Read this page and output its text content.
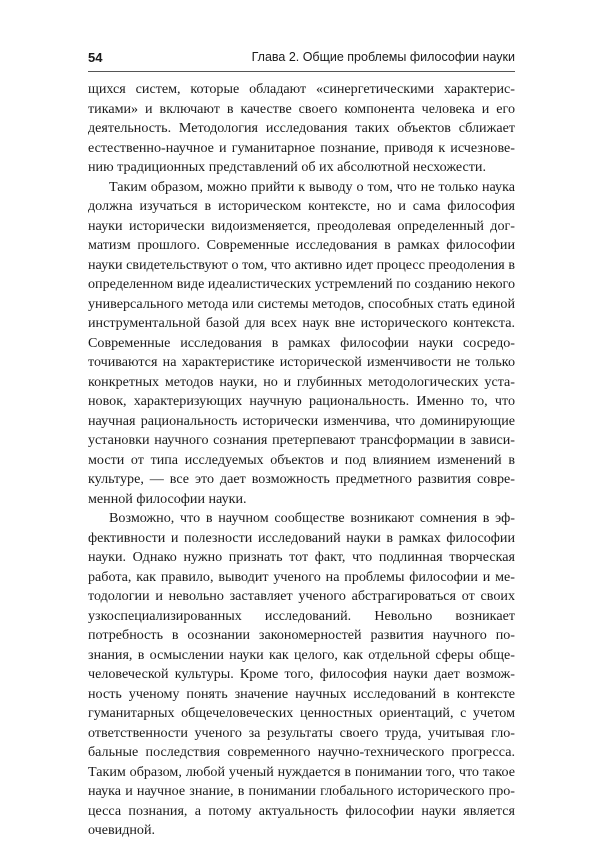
54	Глава 2. Общие проблемы философии науки

щихся систем, которые обладают «синергетическими характеристиками» и включают в качестве своего компонента человека и его деятельность. Методология исследования таких объектов сближает естественно-научное и гуманитарное познание, приводя к исчезновению традиционных представлений об их абсолютной несхожести.

Таким образом, можно прийти к выводу о том, что не только наука должна изучаться в историческом контексте, но и сама философия науки исторически видоизменяется, преодолевая определенный догматизм прошлого. Современные исследования в рамках философии науки свидетельствуют о том, что активно идет процесс преодоления в определенном виде идеалистических устремлений по созданию некого универсального метода или системы методов, способных стать единой инструментальной базой для всех наук вне исторического контекста. Современные исследования в рамках философии науки сосредоточиваются на характеристике исторической изменчивости не только конкретных методов науки, но и глубинных методологических установок, характеризующих научную рациональность. Именно то, что научная рациональность исторически изменчива, что доминирующие установки научного сознания претерпевают трансформации в зависимости от типа исследуемых объектов и под влиянием изменений в культуре, — все это дает возможность предметного развития современной философии науки.

Возможно, что в научном сообществе возникают сомнения в эффективности и полезности исследований науки в рамках философии науки. Однако нужно признать тот факт, что подлинная творческая работа, как правило, выводит ученого на проблемы философии и методологии и невольно заставляет ученого абстрагироваться от своих узкоспециализированных исследований. Невольно возникает потребность в осознании закономерностей развития научного познания, в осмыслении науки как целого, как отдельной сферы общечеловеческой культуры. Кроме того, философия науки дает возможность ученому понять значение научных исследований в контексте гуманитарных общечеловеческих ценностных ориентаций, с учетом ответственности ученого за результаты своего труда, учитывая глобальные последствия современного научно-технического прогресса. Таким образом, любой ученый нуждается в понимании того, что такое наука и научное знание, в понимании глобального исторического процесса познания, а потому актуальность философии науки является очевидной.
